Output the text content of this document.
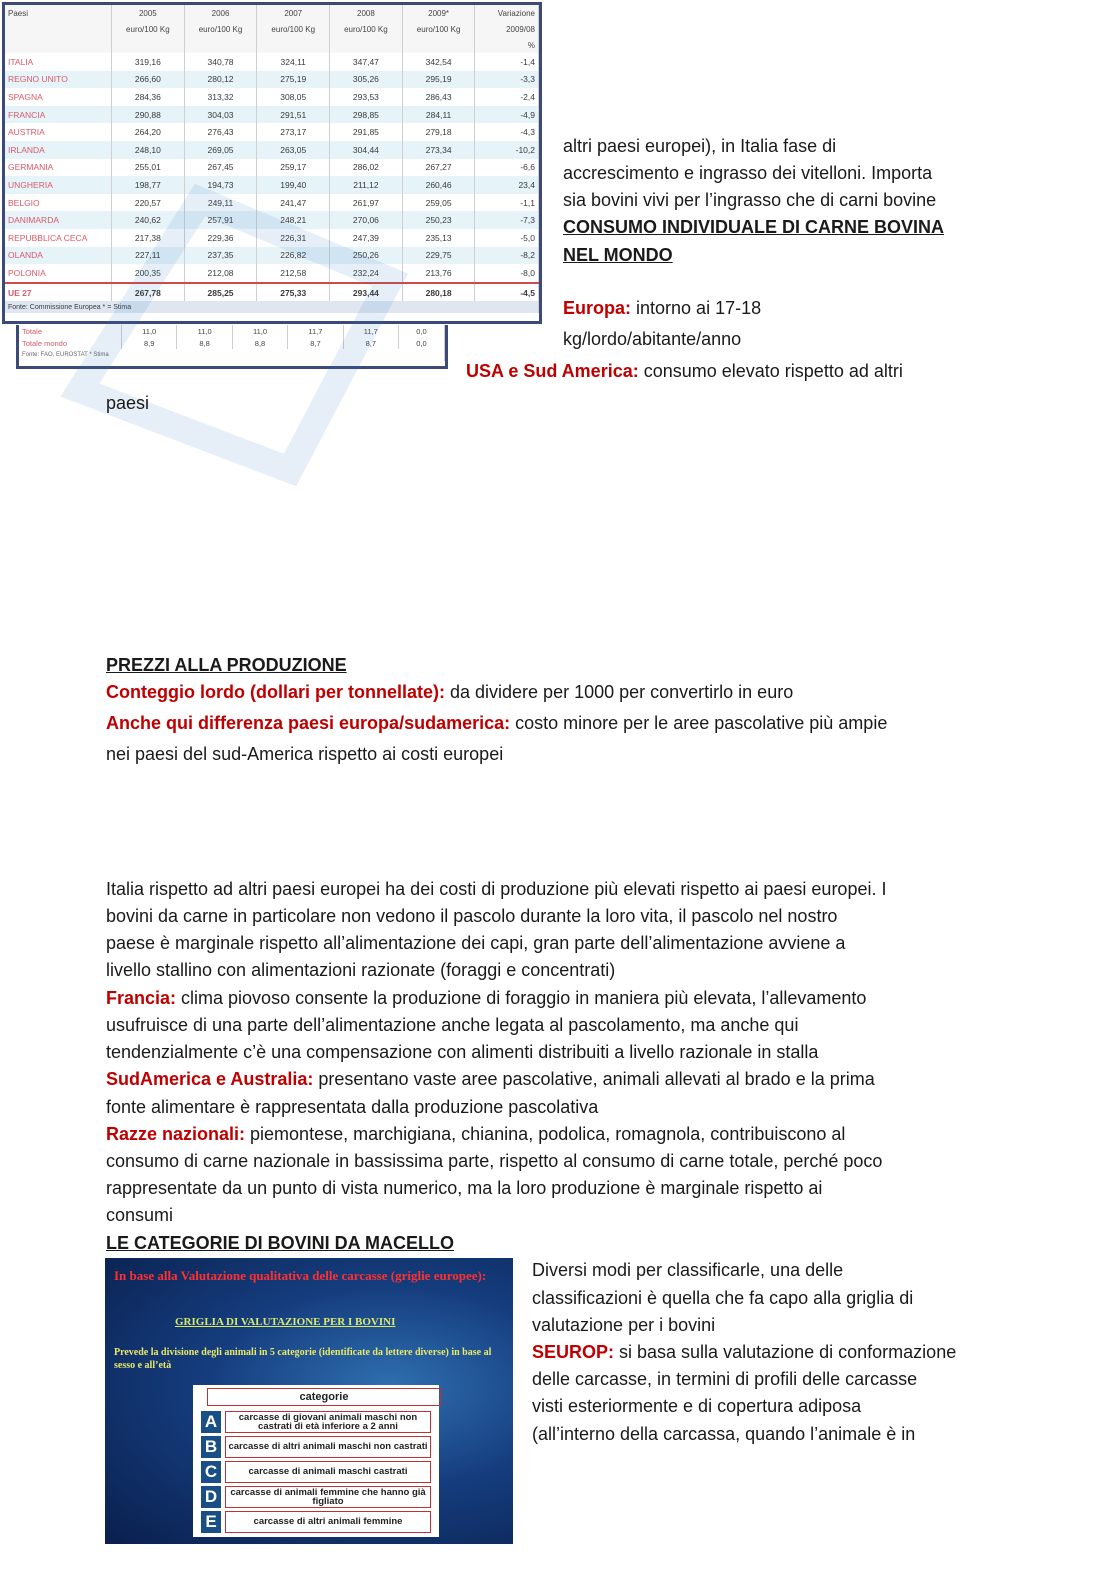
Paesi	2005	2006	2007	2008	2009*	Variazione
	euro/100 Kg	euro/100 Kg	euro/100 Kg	euro/100 Kg	euro/100 Kg	2009/08
						%
ITALIA	319,16	340,78	324,11	347,47	342,54	-1,4
REGNO UNITO	266,60	280,12	275,19	305,26	295,19	-3,3
SPAGNA	284,36	313,32	308,05	293,53	286,43	-2,4
FRANCIA	290,88	304,03	291,51	298,85	284,11	-4,9
AUSTRIA	264,20	276,43	273,17	291,85	279,18	-4,3
IRLANDA	248,10	269,05	263,05	304,44	273,34	-10,2
GERMANIA	255,01	267,45	259,17	286,02	267,27	-6,6
UNGHERIA	198,77	194,73	199,40	211,12	260,46	23,4
BELGIO	220,57	249,11	241,47	261,97	259,05	-1,1
DANIMARDA	240,62	257,91	248,21	270,06	250,23	-7,3
REPUBBLICA CECA	217,38	229,36	226,31	247,39	235,13	-5,0
OLANDA	227,11	237,35	226,82	250,26	229,75	-8,2
POLONIA	200,35	212,08	212,58	232,24	213,76	-8,0
UE 27	267,78	285,25	275,33	293,44	280,18	-4,5
Fonte: Commissione Europea * = Stima						
Totale	11,0	11,0	11,0	11,7	11,7	0,0
Totale mondo	8,9	8,8	8,8	8,7	8,7	0,0
Fonte: FAO, EUROSTAT * Stima						
altri paesi europei), in Italia fase di
accrescimento e ingrasso dei vitelloni. Importa
sia bovini vivi per l’ingrasso che di carni bovine
CONSUMO INDIVIDUALE DI CARNE BOVINA
NEL MONDO
Europa: intorno ai 17-18
kg/lordo/abitante/anno
USA e Sud America: consumo elevato rispetto ad altri
paesi
PREZZI ALLA PRODUZIONE
Conteggio lordo (dollari per tonnellate): da dividere per 1000 per convertirlo in euro
Anche qui differenza paesi europa/sudamerica: costo minore per le aree pascolative più ampie
nei paesi del sud-America rispetto ai costi europei
Italia rispetto ad altri paesi europei ha dei costi di produzione più elevati rispetto ai paesi europei. I
bovini da carne in particolare non vedono il pascolo durante la loro vita, il pascolo nel nostro
paese è marginale rispetto all’alimentazione dei capi, gran parte dell’alimentazione avviene a
livello stallino con alimentazioni razionate (foraggi e concentrati)
Francia: clima piovoso consente la produzione di foraggio in maniera più elevata, l’allevamento
usufruisce di una parte dell’alimentazione anche legata al pascolamento, ma anche qui
tendenzialmente c’è una compensazione con alimenti distribuiti a livello razionale in stalla
SudAmerica e Australia: presentano vaste aree pascolative, animali allevati al brado e la prima
fonte alimentare è rappresentata dalla produzione pascolativa
Razze nazionali: piemontese, marchigiana, chianina, podolica, romagnola, contribuiscono al
consumo di carne nazionale in bassissima parte, rispetto al consumo di carne totale, perché poco
rappresentate da un punto di vista numerico, ma la loro produzione è marginale rispetto ai
consumi
LE CATEGORIE DI BOVINI DA MACELLO
In base alla Valutazione qualitativa delle carcasse (griglie europee):
GRIGLIA DI VALUTAZIONE PER I BOVINI
Prevede la divisione degli animali in 5 categorie (identificate da lettere diverse) in base al sesso e all’età
categorie
A	carcasse di giovani animali maschi non castrati di età inferiore a 2 anni
B	carcasse di altri animali maschi non castrati
C	carcasse di animali maschi castrati
D	carcasse di animali femmine che hanno già figliato
E	carcasse di altri animali femmine
Diversi modi per classificarle, una delle
classificazioni è quella che fa capo alla griglia di
valutazione per i bovini
SEUROP: si basa sulla valutazione di conformazione
delle carcasse, in termini di profili delle carcasse
visti esteriormente e di copertura adiposa
(all’interno della carcassa, quando l’animale è in
